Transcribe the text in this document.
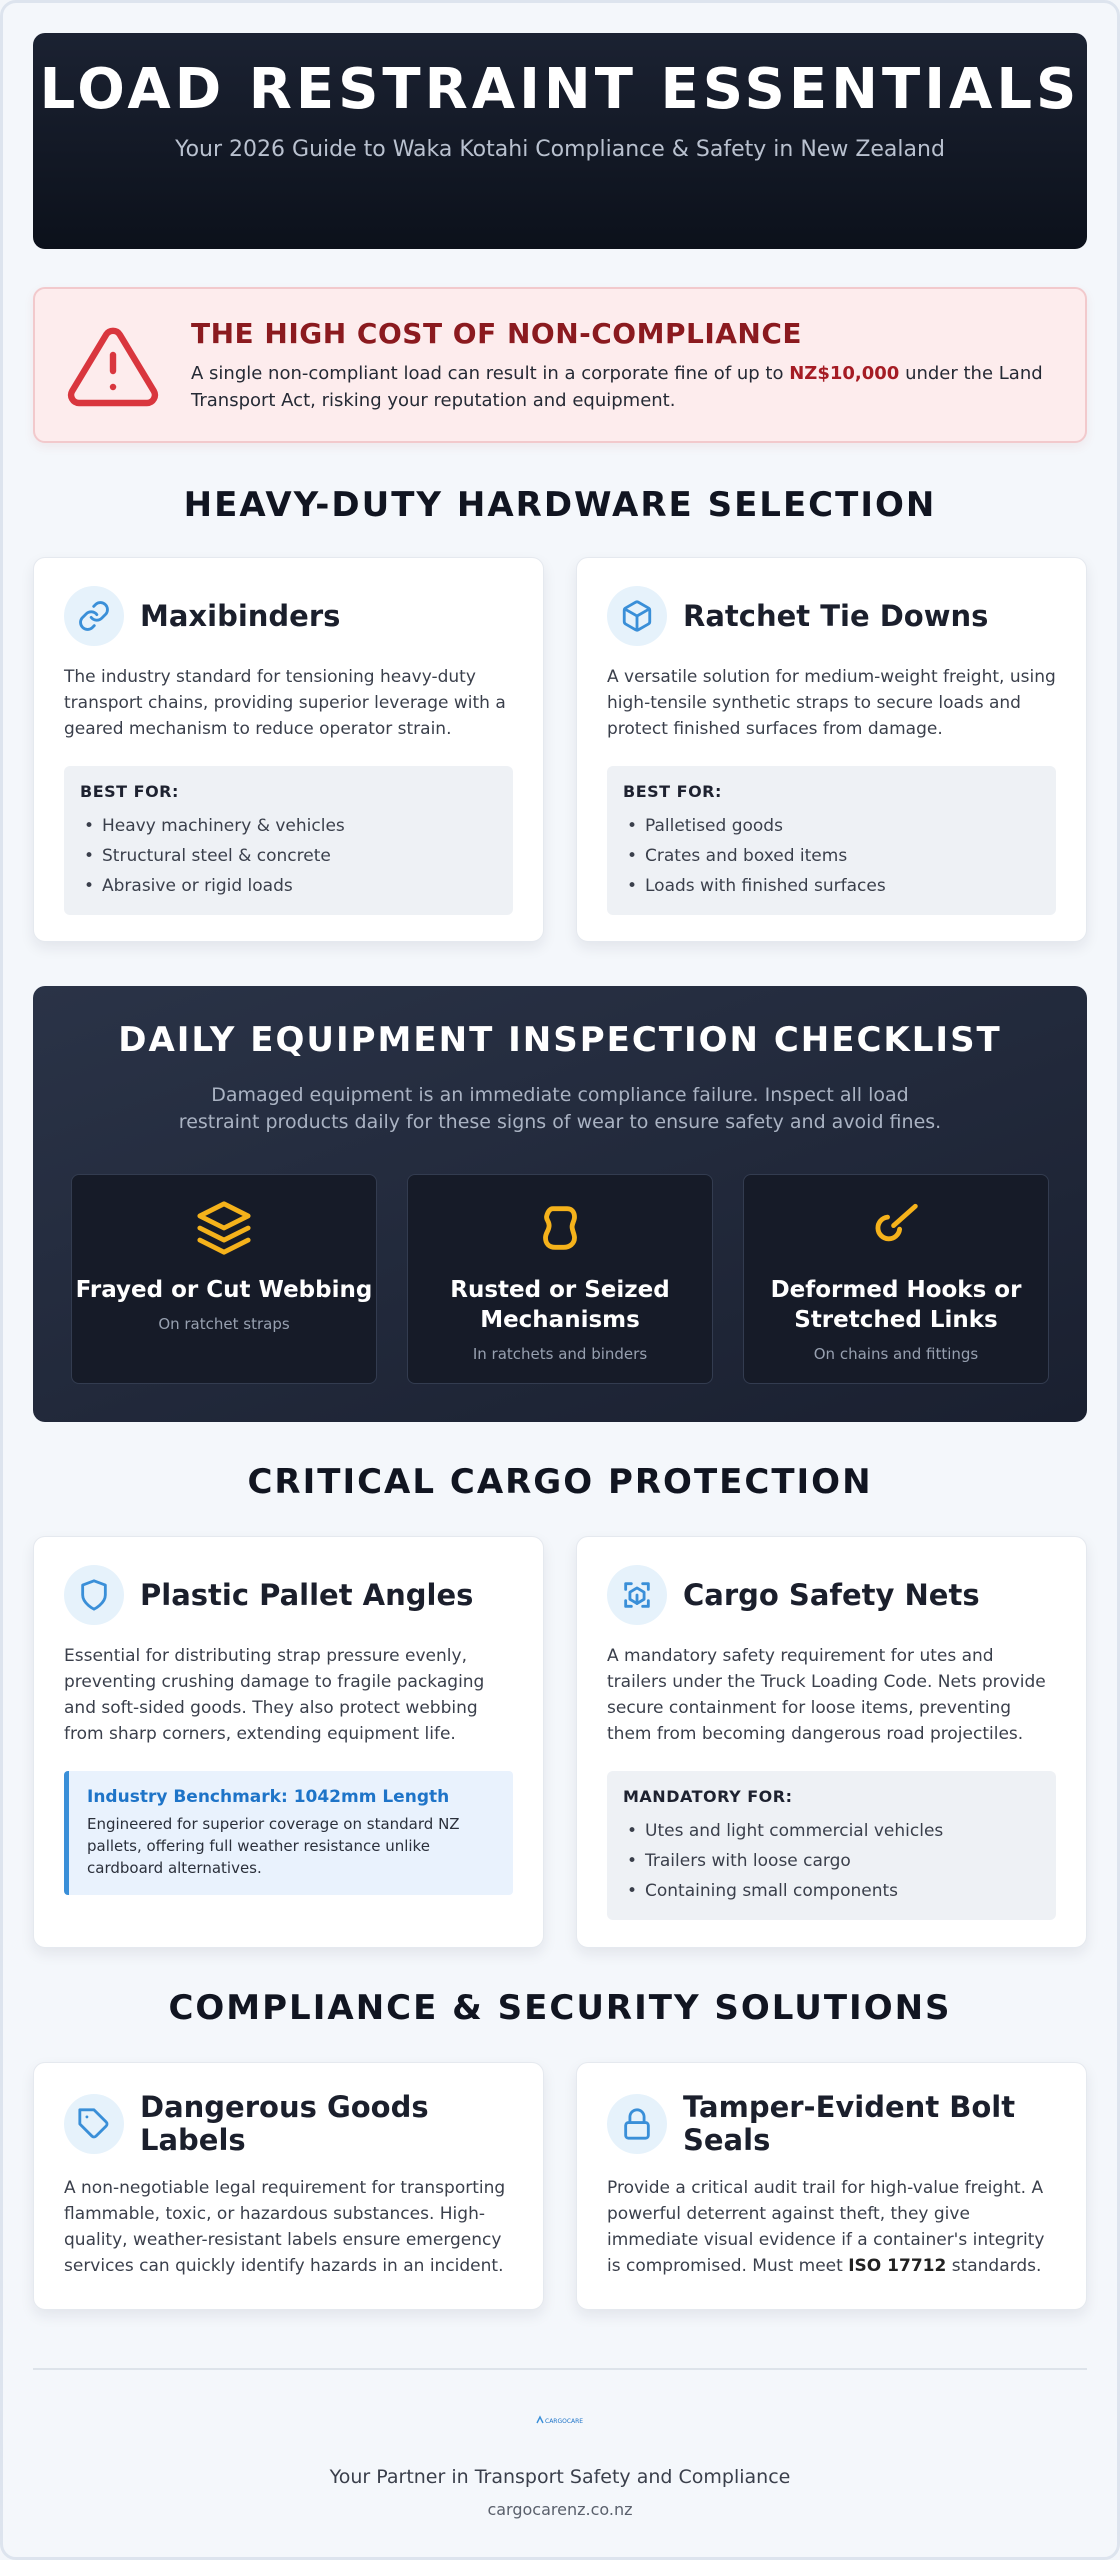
LOAD RESTRAINT ESSENTIALS

Your 2026 Guide to Waka Kotahi Compliance & Safety in New Zealand

THE HIGH COST OF NON-COMPLIANCE

A single non-compliant load can result in a corporate fine of up to NZ$10,000 under the Land Transport Act, risking your reputation and equipment.

HEAVY-DUTY HARDWARE SELECTION
Maxibinders

The industry standard for tensioning heavy-duty transport chains, providing superior leverage with a geared mechanism to reduce operator strain.

BEST FOR:
• Heavy machinery & vehicles
• Structural steel & concrete
• Abrasive or rigid loads
Ratchet Tie Downs

A versatile solution for medium-weight freight, using high-tensile synthetic straps to secure loads and protect finished surfaces from damage.

BEST FOR:
• Palletised goods
• Crates and boxed items
• Loads with finished surfaces
DAILY EQUIPMENT INSPECTION CHECKLIST

Damaged equipment is an immediate compliance failure. Inspect all load restraint products daily for these signs of wear to ensure safety and avoid fines.

Frayed or Cut Webbing
On ratchet straps
Rusted or Seized Mechanisms
In ratchets and binders
Deformed Hooks or Stretched Links
On chains and fittings
CRITICAL CARGO PROTECTION
Plastic Pallet Angles

Essential for distributing strap pressure evenly, preventing crushing damage to fragile packaging and soft-sided goods. They also protect webbing from sharp corners, extending equipment life.

Industry Benchmark: 1042mm Length
Engineered for superior coverage on standard NZ pallets, offering full weather resistance unlike cardboard alternatives.
Cargo Safety Nets

A mandatory safety requirement for utes and trailers under the Truck Loading Code. Nets provide secure containment for loose items, preventing them from becoming dangerous road projectiles.

MANDATORY FOR:
• Utes and light commercial vehicles
• Trailers with loose cargo
• Containing small components
COMPLIANCE & SECURITY SOLUTIONS
Dangerous Goods Labels

A non-negotiable legal requirement for transporting flammable, toxic, or hazardous substances. High-quality, weather-resistant labels ensure emergency services can quickly identify hazards in an incident.

Tamper-Evident Bolt Seals

Provide a critical audit trail for high-value freight. A powerful deterrent against theft, they give immediate visual evidence if a container's integrity is compromised. Must meet ISO 17712 standards.

CARGOCARE
Your Partner in Transport Safety and Compliance
cargocarenz.co.nz
